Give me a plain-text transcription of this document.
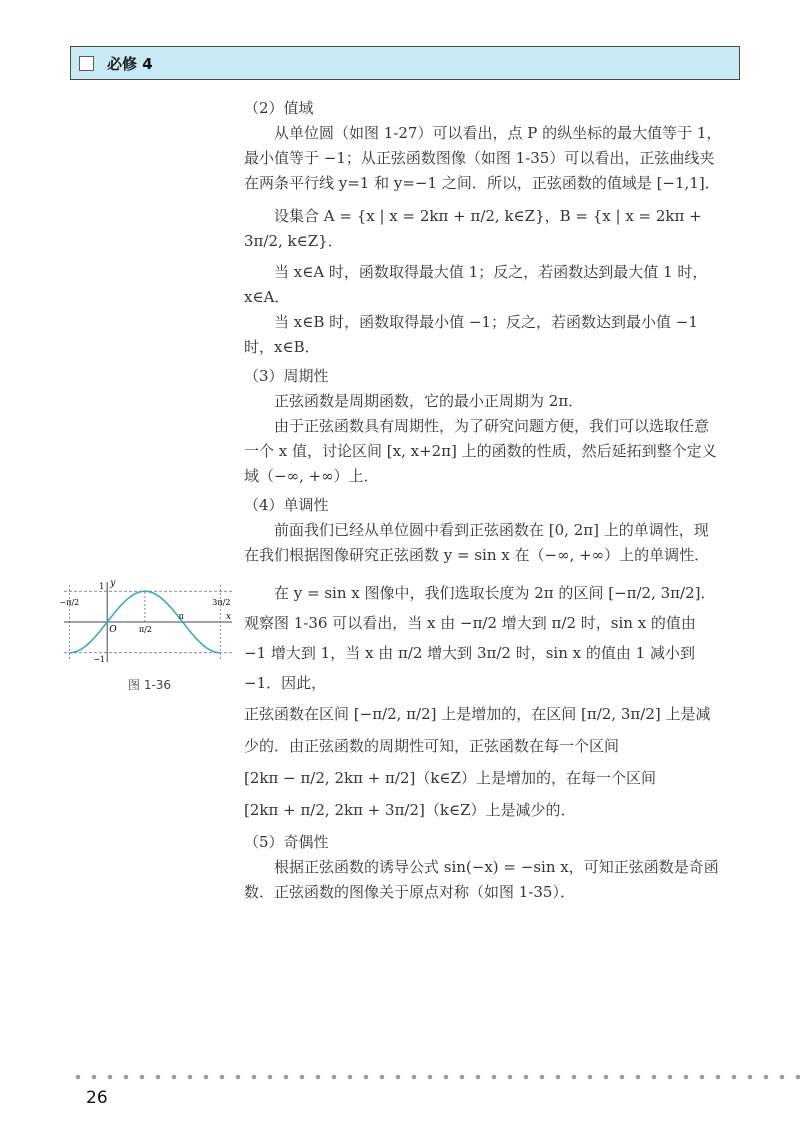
必修 4

（2）值域

从单位圆（如图 1-27）可以看出，点 P 的纵坐标的最大值等于 1，最小值等于 −1；从正弦函数图像（如图 1-35）可以看出，正弦曲线夹在两条平行线 y=1 和 y=−1 之间．所以，正弦函数的值域是 [−1,1]．

设集合 A = {x | x = 2kπ + π/2, k∈Z}，B = {x | x = 2kπ + 3π/2, k∈Z}．

当 x∈A 时，函数取得最大值 1；反之，若函数达到最大值 1 时，x∈A．

当 x∈B 时，函数取得最小值 −1；反之，若函数达到最小值 −1 时，x∈B．

（3）周期性

正弦函数是周期函数，它的最小正周期为 2π．

由于正弦函数具有周期性，为了研究问题方便，我们可以选取任意一个 x 值，讨论区间 [x, x+2π] 上的函数的性质，然后延拓到整个定义域（−∞, +∞）上．

（4）单调性

前面我们已经从单位圆中看到正弦函数在 [0, 2π] 上的单调性，现在我们根据图像研究正弦函数 y = sin x 在（−∞, +∞）上的单调性．

在 y = sin x 图像中，我们选取长度为 2π 的区间 [−π/2, 3π/2]．观察图 1-36 可以看出，当 x 由 −π/2 增大到 π/2 时，sin x 的值由 −1 增大到 1，当 x 由 π/2 增大到 3π/2 时，sin x 的值由 1 减小到 −1．因此，

正弦函数在区间 [−π/2, π/2] 上是增加的，在区间 [π/2, 3π/2] 上是减少的．由正弦函数的周期性可知，正弦函数在每一个区间

[2kπ − π/2, 2kπ + π/2]（k∈Z）上是增加的，在每一个区间

[2kπ + π/2, 2kπ + 3π/2]（k∈Z）上是减少的．

（5）奇偶性

根据正弦函数的诱导公式 sin(−x) = −sin x，可知正弦函数是奇函数．正弦函数的图像关于原点对称（如图 1-35）．

y
x
O
1
−1
−π/2
π/2
π
3π/2
图 1-36
26
